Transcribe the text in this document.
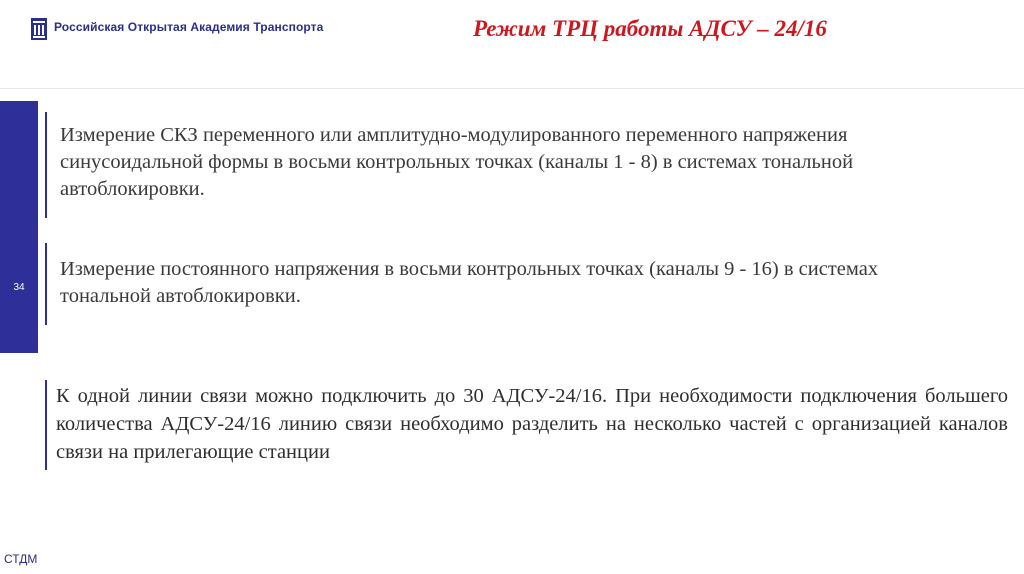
Российская Открытая Академия Транспорта	Режим ТРЦ работы АДСУ – 24/16
34
Измерение СКЗ переменного или амплитудно-модулированного переменного напряжения синусоидальной формы в восьми контрольных точках (каналы 1 - 8) в системах тональной автоблокировки.
Измерение постоянного напряжения в восьми контрольных точках (каналы 9 - 16) в системах тональной автоблокировки.
К одной линии связи можно подключить до 30 АДСУ-24/16. При необходимости подключения большего количества АДСУ-24/16 линию связи необходимо разделить на несколько частей с организацией каналов связи на прилегающие станции
СТДМ
